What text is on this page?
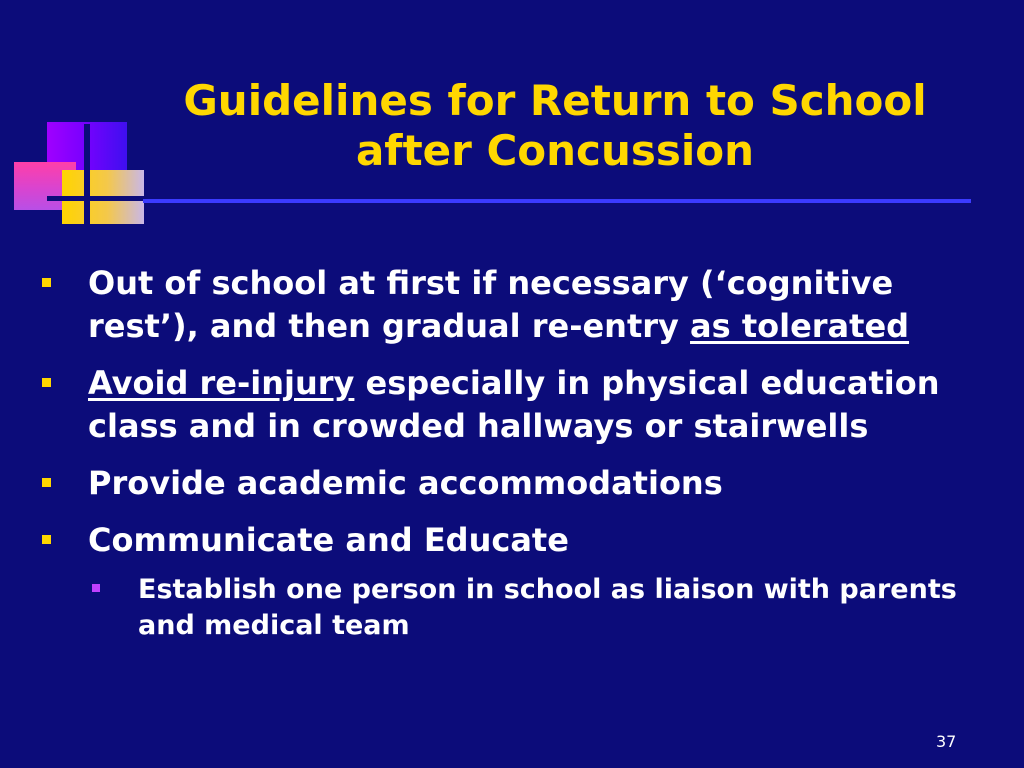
Guidelines for Return to School
after Concussion
Out of school at first if necessary (‘cognitive rest’), and then gradual re-entry as tolerated
Avoid re-injury especially in physical education class and in crowded hallways or stairwells
Provide academic accommodations
Communicate and Educate
Establish one person in school as liaison with parents and medical team
37
